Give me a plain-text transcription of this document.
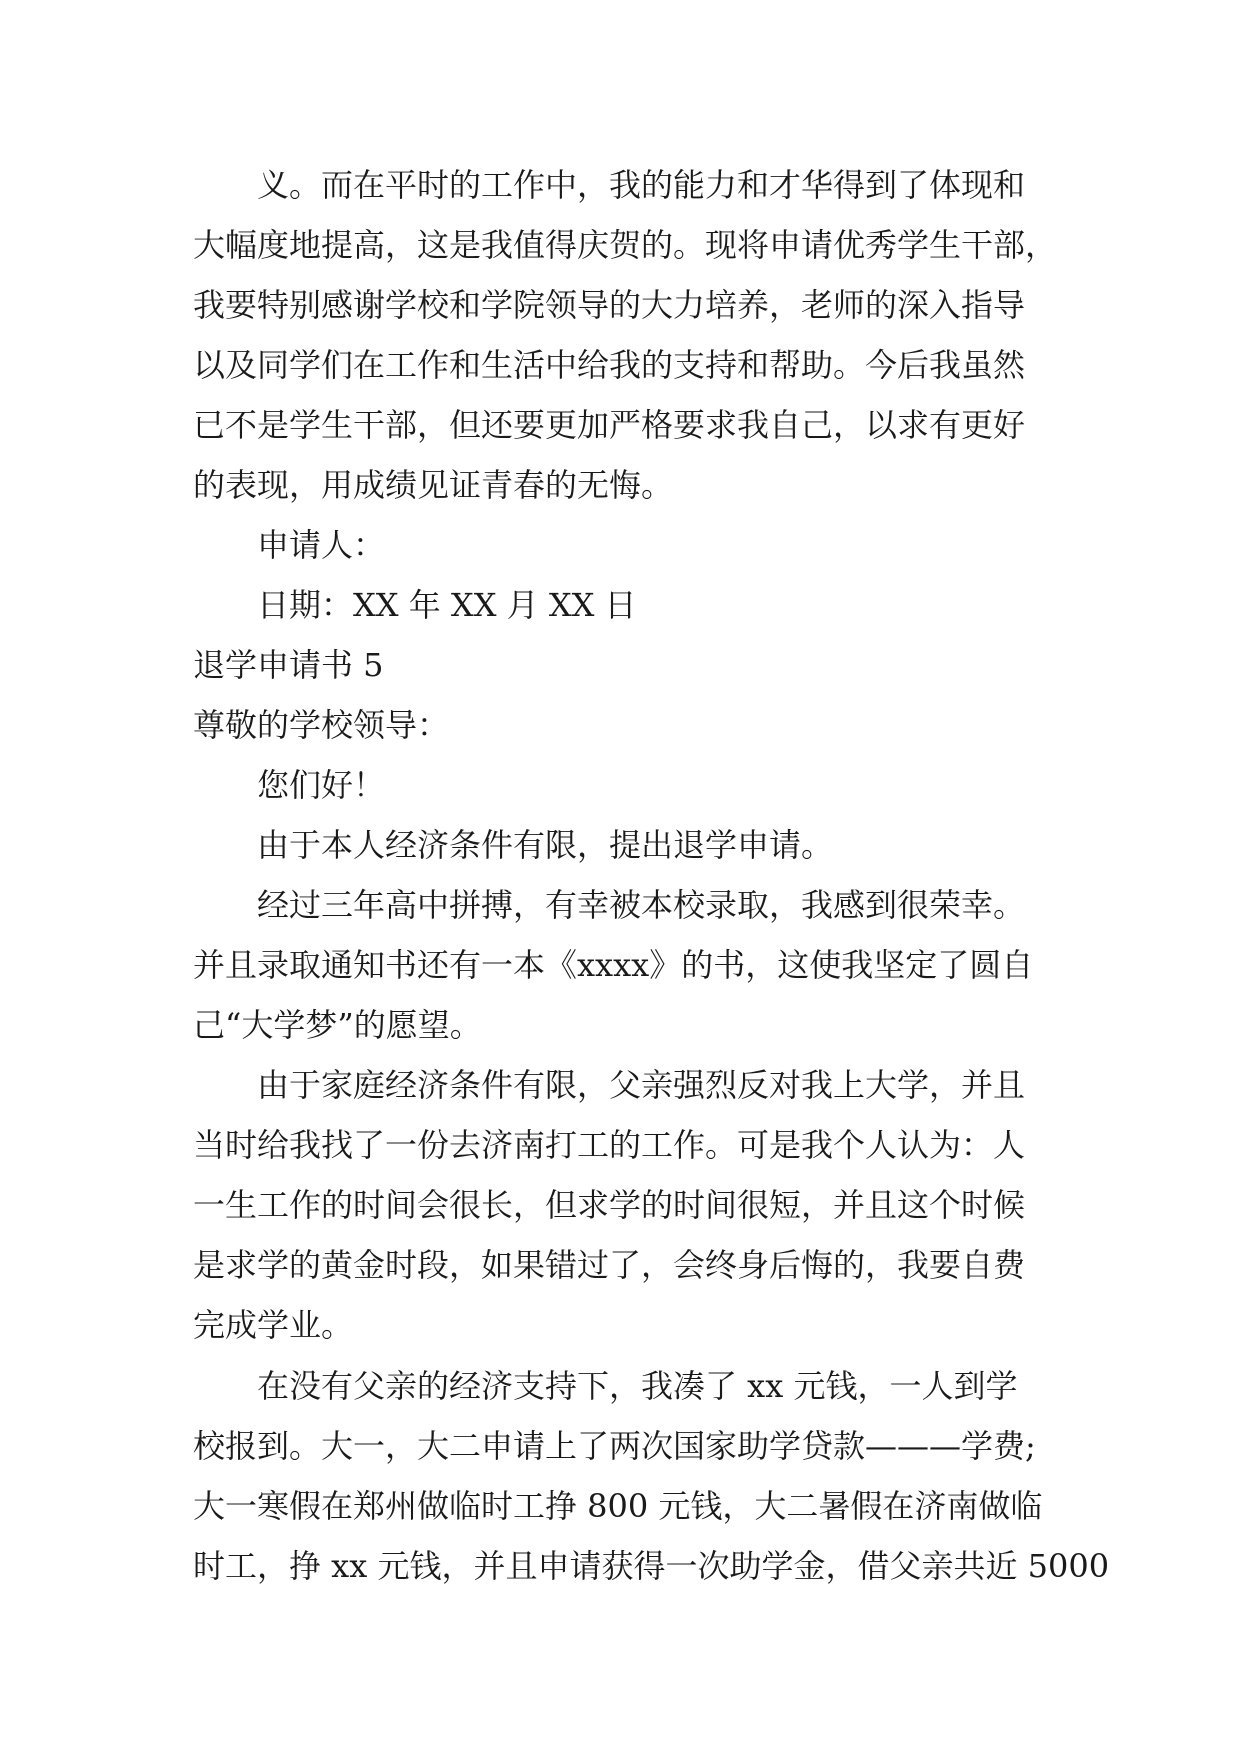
义。而在平时的工作中，我的能力和才华得到了体现和
大幅度地提高，这是我值得庆贺的。现将申请优秀学生干部，
我要特别感谢学校和学院领导的大力培养，老师的深入指导
以及同学们在工作和生活中给我的支持和帮助。今后我虽然
已不是学生干部，但还要更加严格要求我自己，以求有更好
的表现，用成绩见证青春的无悔。
申请人：
日期：XX 年 XX 月 XX 日
退学申请书 5
尊敬的学校领导：
您们好！
由于本人经济条件有限，提出退学申请。
经过三年高中拼搏，有幸被本校录取，我感到很荣幸。
并且录取通知书还有一本《xxxx》的书，这使我坚定了圆自
己“大学梦”的愿望。
由于家庭经济条件有限，父亲强烈反对我上大学，并且
当时给我找了一份去济南打工的工作。可是我个人认为：人
一生工作的时间会很长，但求学的时间很短，并且这个时候
是求学的黄金时段，如果错过了，会终身后悔的，我要自费
完成学业。
在没有父亲的经济支持下，我凑了 xx 元钱，一人到学
校报到。大一，大二申请上了两次国家助学贷款———学费;
大一寒假在郑州做临时工挣 800 元钱，大二暑假在济南做临
时工，挣 xx 元钱，并且申请获得一次助学金，借父亲共近 5000
